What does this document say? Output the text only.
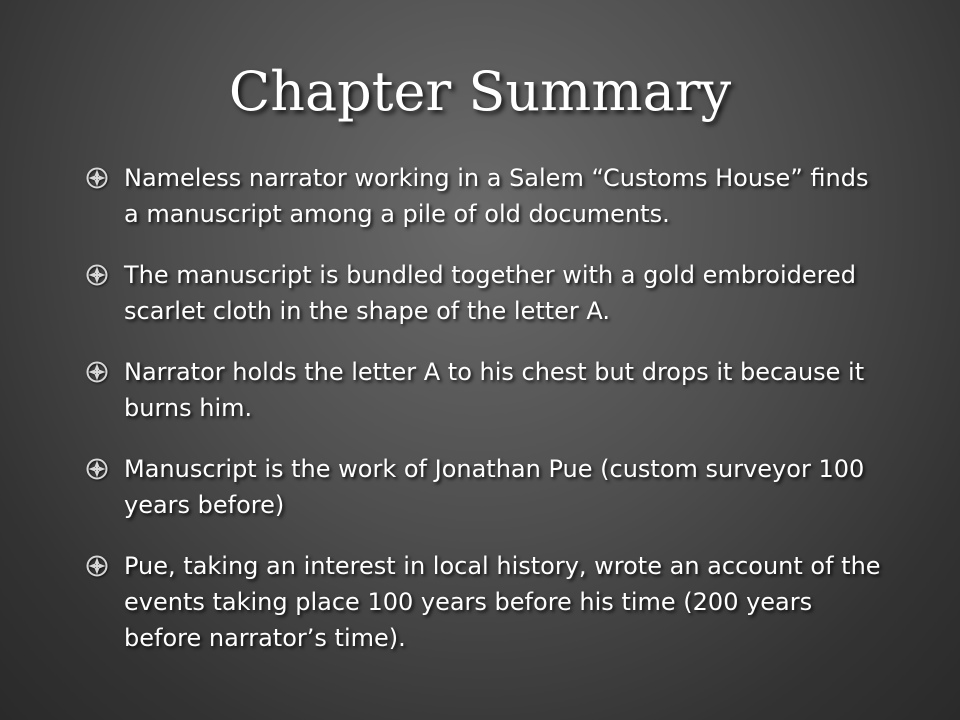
Chapter Summary
Nameless narrator working in a Salem “Customs House” finds a manuscript among a pile of old documents.
The manuscript is bundled together with a gold embroidered scarlet cloth in the shape of the letter A.
Narrator holds the letter A to his chest but drops it because it burns him.
Manuscript is the work of Jonathan Pue (custom surveyor 100 years before)
Pue, taking an interest in local history, wrote an account of the events taking place 100 years before his time (200 years before narrator’s time).
